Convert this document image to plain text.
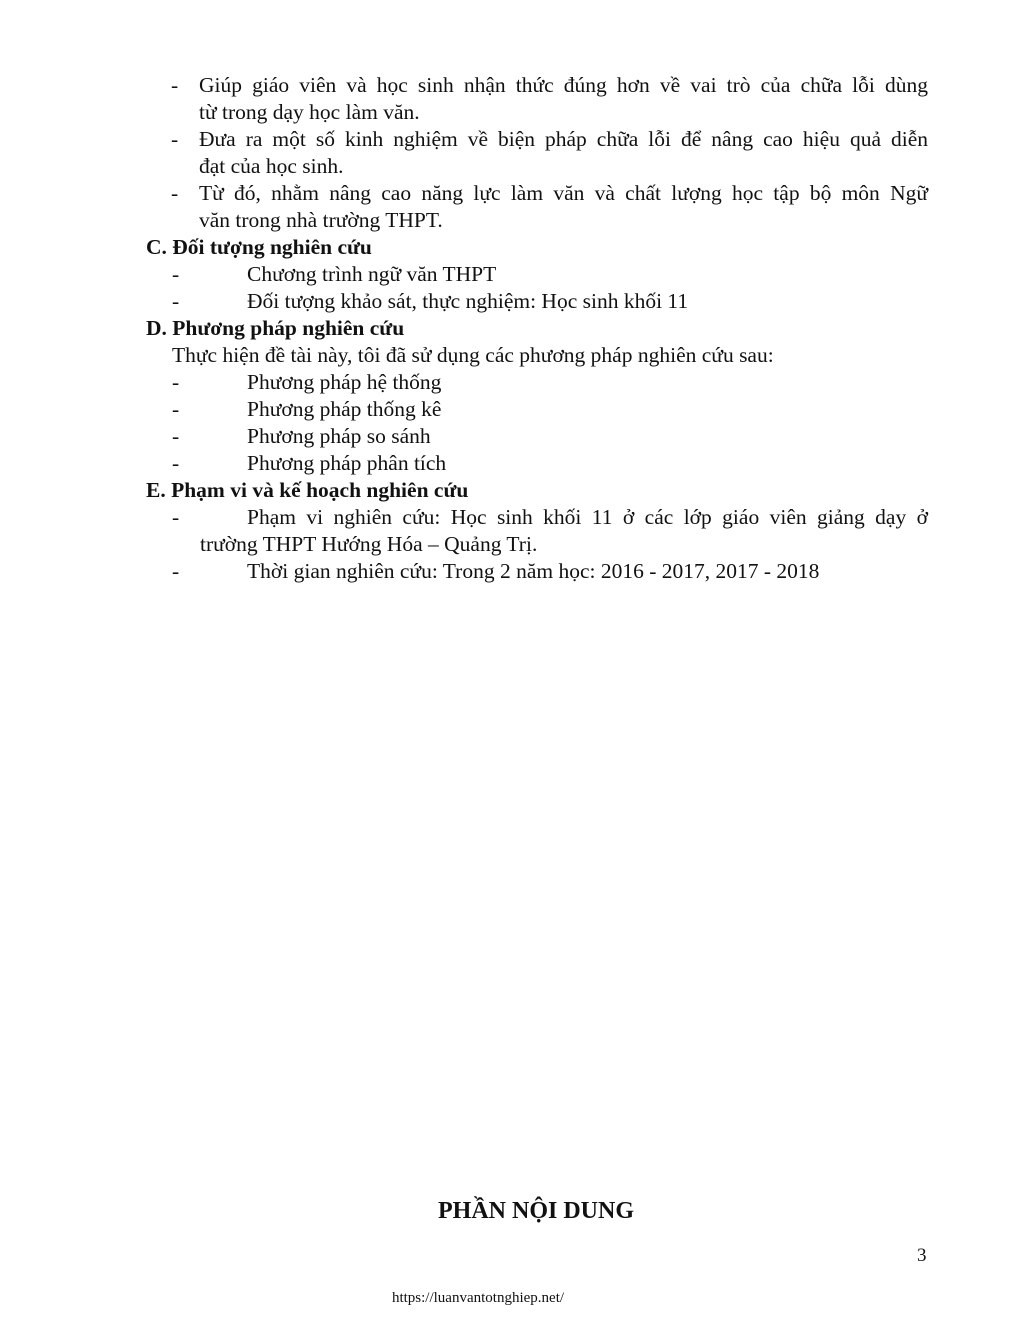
- Giúp giáo viên và học sinh nhận thức đúng hơn về vai trò của chữa lỗi dùng
từ trong dạy học làm văn.
- Đưa ra một số kinh nghiệm về biện pháp chữa lỗi để nâng cao hiệu quả diễn
đạt của học sinh.
- Từ đó, nhằm nâng cao năng lực làm văn và chất lượng học tập bộ môn Ngữ
văn trong nhà trường THPT.
C. Đối tượng nghiên cứu
-	Chương trình ngữ văn THPT
-	Đối tượng khảo sát, thực nghiệm: Học sinh khối 11
D. Phương pháp nghiên cứu
Thực hiện đề tài này, tôi đã sử dụng các phương pháp nghiên cứu sau:
-	Phương pháp hệ thống
-	Phương pháp thống kê
-	Phương pháp so sánh
-	Phương pháp phân tích
E. Phạm vi và kế hoạch nghiên cứu
-	Phạm vi nghiên cứu: Học sinh khối 11 ở các lớp giáo viên giảng dạy ở
trường THPT Hướng Hóa – Quảng Trị.
-	Thời gian nghiên cứu: Trong 2 năm học: 2016 - 2017, 2017 - 2018
PHẦN NỘI DUNG
3
https://luanvantotnghiep.net/
